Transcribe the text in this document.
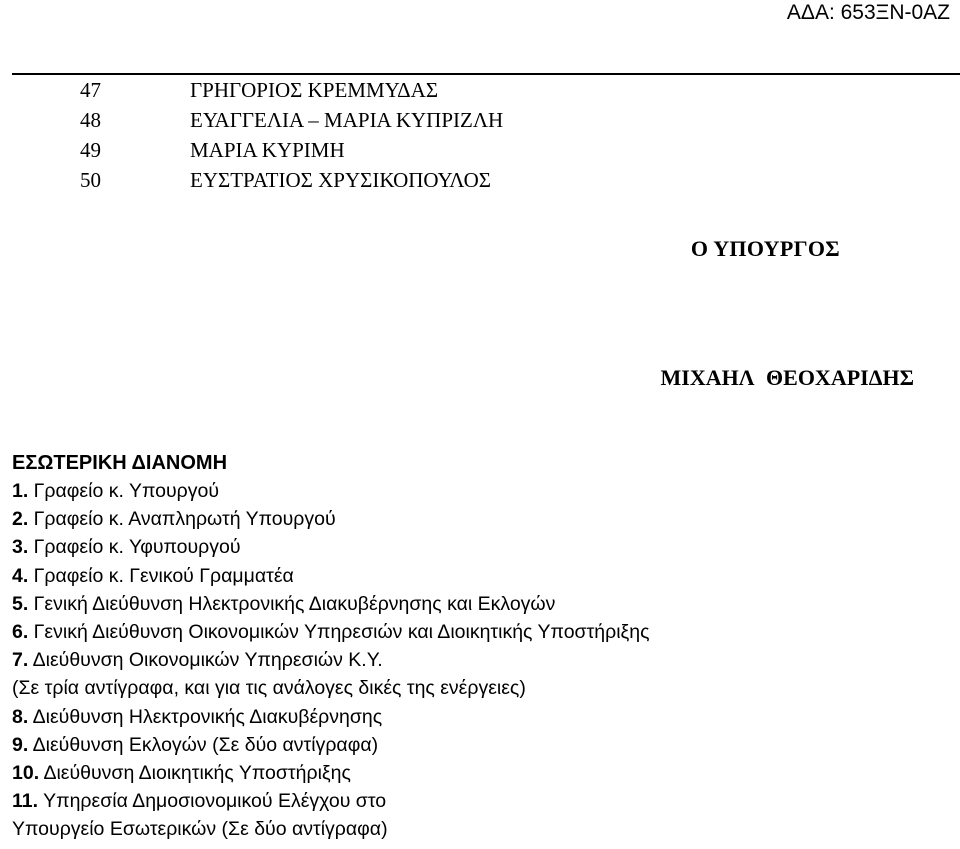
ΑΔΑ: 653ΞΝ-0ΑΖ
47	ΓΡΗΓΟΡΙΟΣ ΚΡΕΜΜΥΔΑΣ
48	ΕΥΑΓΓΕΛΙΑ – ΜΑΡΙΑ ΚΥΠΡΙΖΛΗ
49	ΜΑΡΙΑ ΚΥΡΙΜΗ
50	ΕΥΣΤΡΑΤΙΟΣ ΧΡΥΣΙΚΟΠΟΥΛΟΣ
Ο ΥΠΟΥΡΓΟΣ
ΜΙΧΑΗΛ ΘΕΟΧΑΡΙΔΗΣ
ΕΣΩΤΕΡΙΚΗ ΔΙΑΝΟΜΗ
1. Γραφείο κ. Υπουργού
2. Γραφείο κ. Αναπληρωτή Υπουργού
3. Γραφείο κ. Υφυπουργού
4. Γραφείο κ. Γενικού Γραμματέα
5. Γενική Διεύθυνση Ηλεκτρονικής Διακυβέρνησης και Εκλογών
6. Γενική Διεύθυνση Οικονομικών Υπηρεσιών και Διοικητικής Υποστήριξης
7. Διεύθυνση Οικονομικών Υπηρεσιών Κ.Υ.
(Σε τρία αντίγραφα, και για τις ανάλογες δικές της ενέργειες)
8. Διεύθυνση Ηλεκτρονικής Διακυβέρνησης
9. Διεύθυνση Εκλογών (Σε δύο αντίγραφα)
10. Διεύθυνση Διοικητικής Υποστήριξης
11. Υπηρεσία Δημοσιονομικού Ελέγχου στο
Υπουργείο Εσωτερικών (Σε δύο αντίγραφα)
